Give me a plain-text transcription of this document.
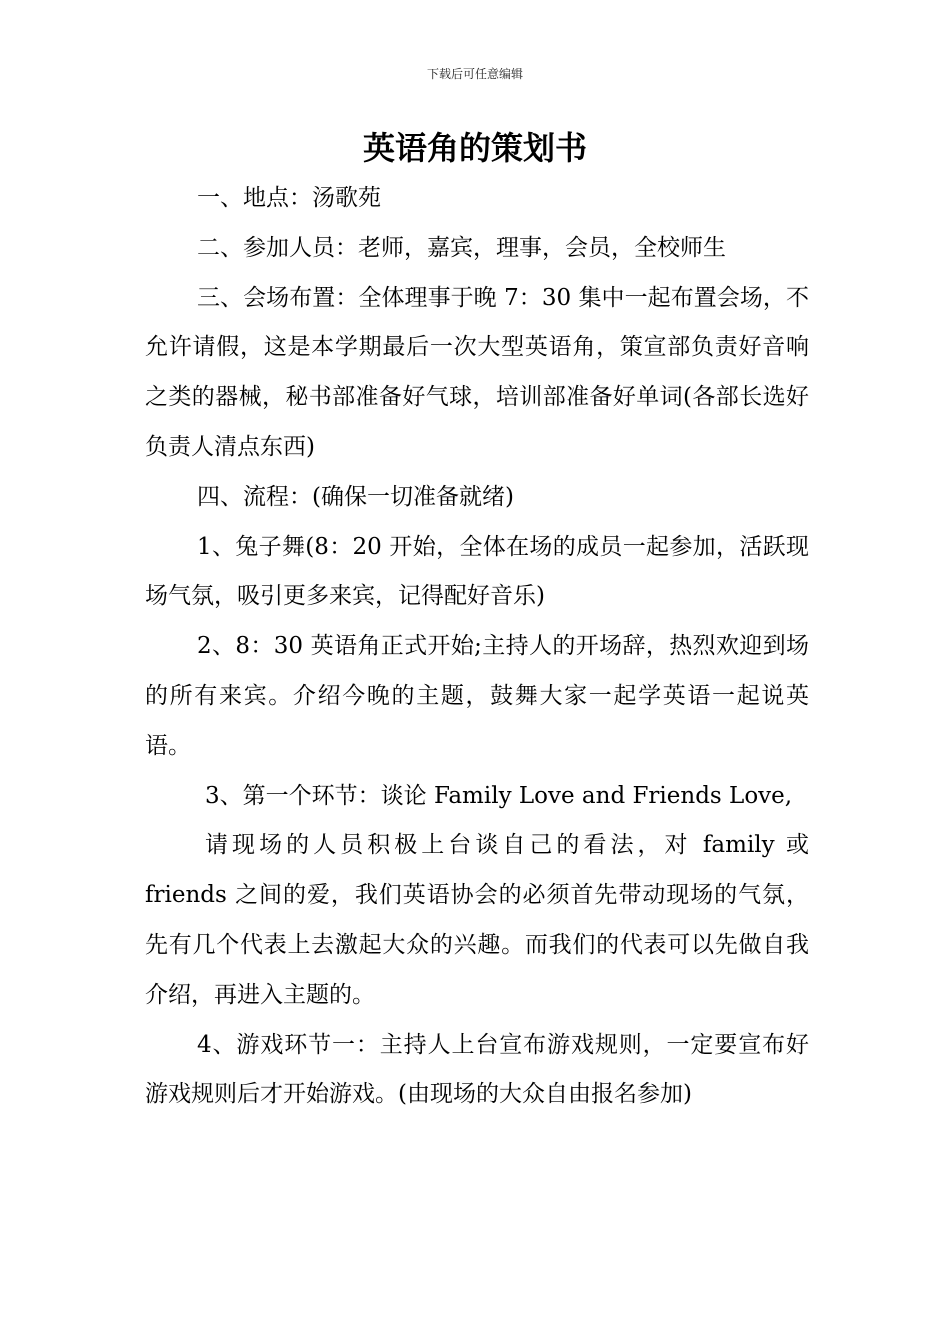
下载后可任意编辑
英语角的策划书

一、地点：汤歌苑

二、参加人员：老师，嘉宾，理事，会员，全校师生

三、会场布置：全体理事于晚 7：30 集中一起布置会场，不允许请假，这是本学期最后一次大型英语角，策宣部负责好音响之类的器械，秘书部准备好气球，培训部准备好单词(各部长选好负责人清点东西)

四、流程：(确保一切准备就绪)

1、兔子舞(8：20 开始，全体在场的成员一起参加，活跃现场气氛，吸引更多来宾，记得配好音乐)

2、8：30 英语角正式开始;主持人的开场辞，热烈欢迎到场的所有来宾。介绍今晚的主题，鼓舞大家一起学英语一起说英语。

3、第一个环节：谈论 Family Love and Friends Love,

请现场的人员积极上台谈自己的看法，对 family 或 friends 之间的爱，我们英语协会的必须首先带动现场的气氛，先有几个代表上去激起大众的兴趣。而我们的代表可以先做自我介绍，再进入主题的。

4、游戏环节一：主持人上台宣布游戏规则，一定要宣布好游戏规则后才开始游戏。(由现场的大众自由报名参加)
